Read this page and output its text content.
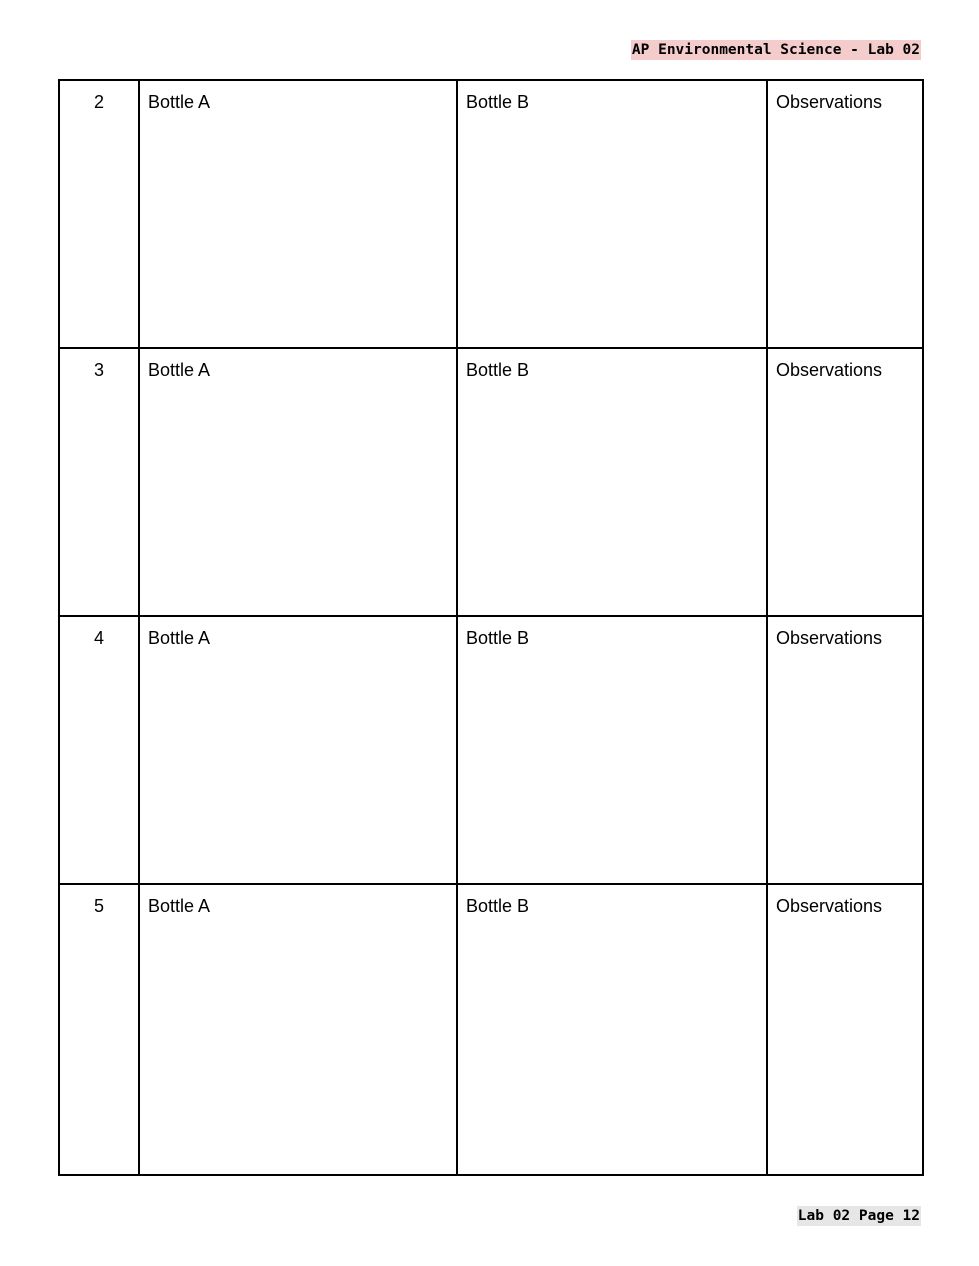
AP Environmental Science - Lab 02
2	Bottle A	Bottle B	Observations
3	Bottle A	Bottle B	Observations
4	Bottle A	Bottle B	Observations
5	Bottle A	Bottle B	Observations
Lab 02 Page 12
